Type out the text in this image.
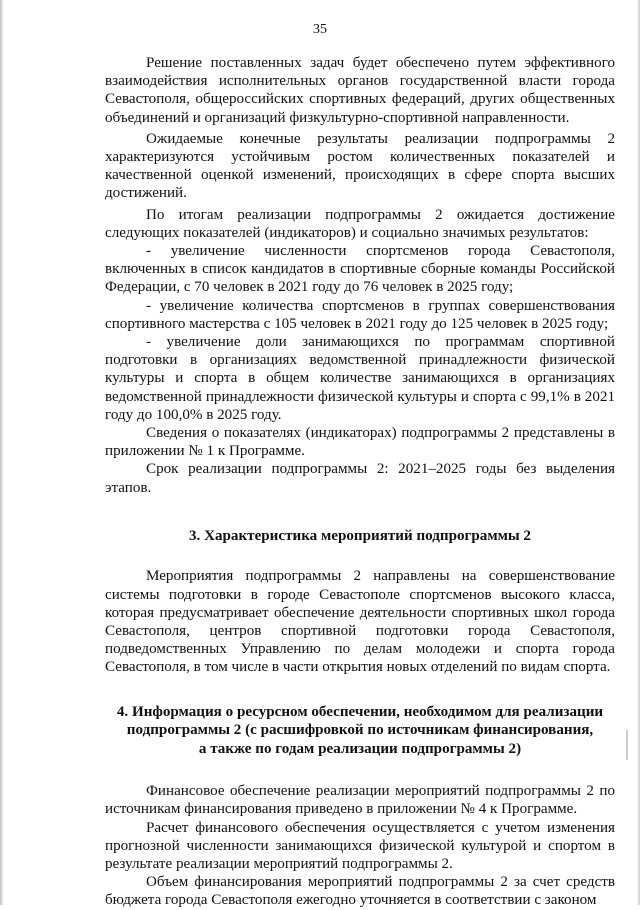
35

Решение поставленных задач будет обеспечено путем эффективного взаимодействия исполнительных органов государственной власти города Севастополя, общероссийских спортивных федераций, других общественных объединений и организаций физкультурно-спортивной направленности.

Ожидаемые конечные результаты реализации подпрограммы 2 характеризуются устойчивым ростом количественных показателей и качественной оценкой изменений, происходящих в сфере спорта высших достижений.

По итогам реализации подпрограммы 2 ожидается достижение следующих показателей (индикаторов) и социально значимых результатов:

- увеличение численности спортсменов города Севастополя, включенных в список кандидатов в спортивные сборные команды Российской Федерации, с 70 человек в 2021 году до 76 человек в 2025 году;

- увеличение количества спортсменов в группах совершенствования спортивного мастерства с 105 человек в 2021 году до 125 человек в 2025 году;

- увеличение доли занимающихся по программам спортивной подготовки в организациях ведомственной принадлежности физической культуры и спорта в общем количестве занимающихся в организациях ведомственной принадлежности физической культуры и спорта с 99,1% в 2021 году до 100,0% в 2025 году.

Сведения о показателях (индикаторах) подпрограммы 2 представлены в приложении № 1 к Программе.

Срок реализации подпрограммы 2: 2021–2025 годы без выделения этапов.

3. Характеристика мероприятий подпрограммы 2

Мероприятия подпрограммы 2 направлены на совершенствование системы подготовки в городе Севастополе спортсменов высокого класса, которая предусматривает обеспечение деятельности спортивных школ города Севастополя, центров спортивной подготовки города Севастополя, подведомственных Управлению по делам молодежи и спорта города Севастополя, в том числе в части открытия новых отделений по видам спорта.

4. Информация о ресурсном обеспечении, необходимом для реализации

подпрограммы 2 (с расшифровкой по источникам финансирования,

а также по годам реализации подпрограммы 2)

Финансовое обеспечение реализации мероприятий подпрограммы 2 по источникам финансирования приведено в приложении № 4 к Программе.

Расчет финансового обеспечения осуществляется с учетом изменения прогнозной численности занимающихся физической культурой и спортом в результате реализации мероприятий подпрограммы 2.

Объем финансирования мероприятий подпрограммы 2 за счет средств бюджета города Севастополя ежегодно уточняется в соответствии с законом
